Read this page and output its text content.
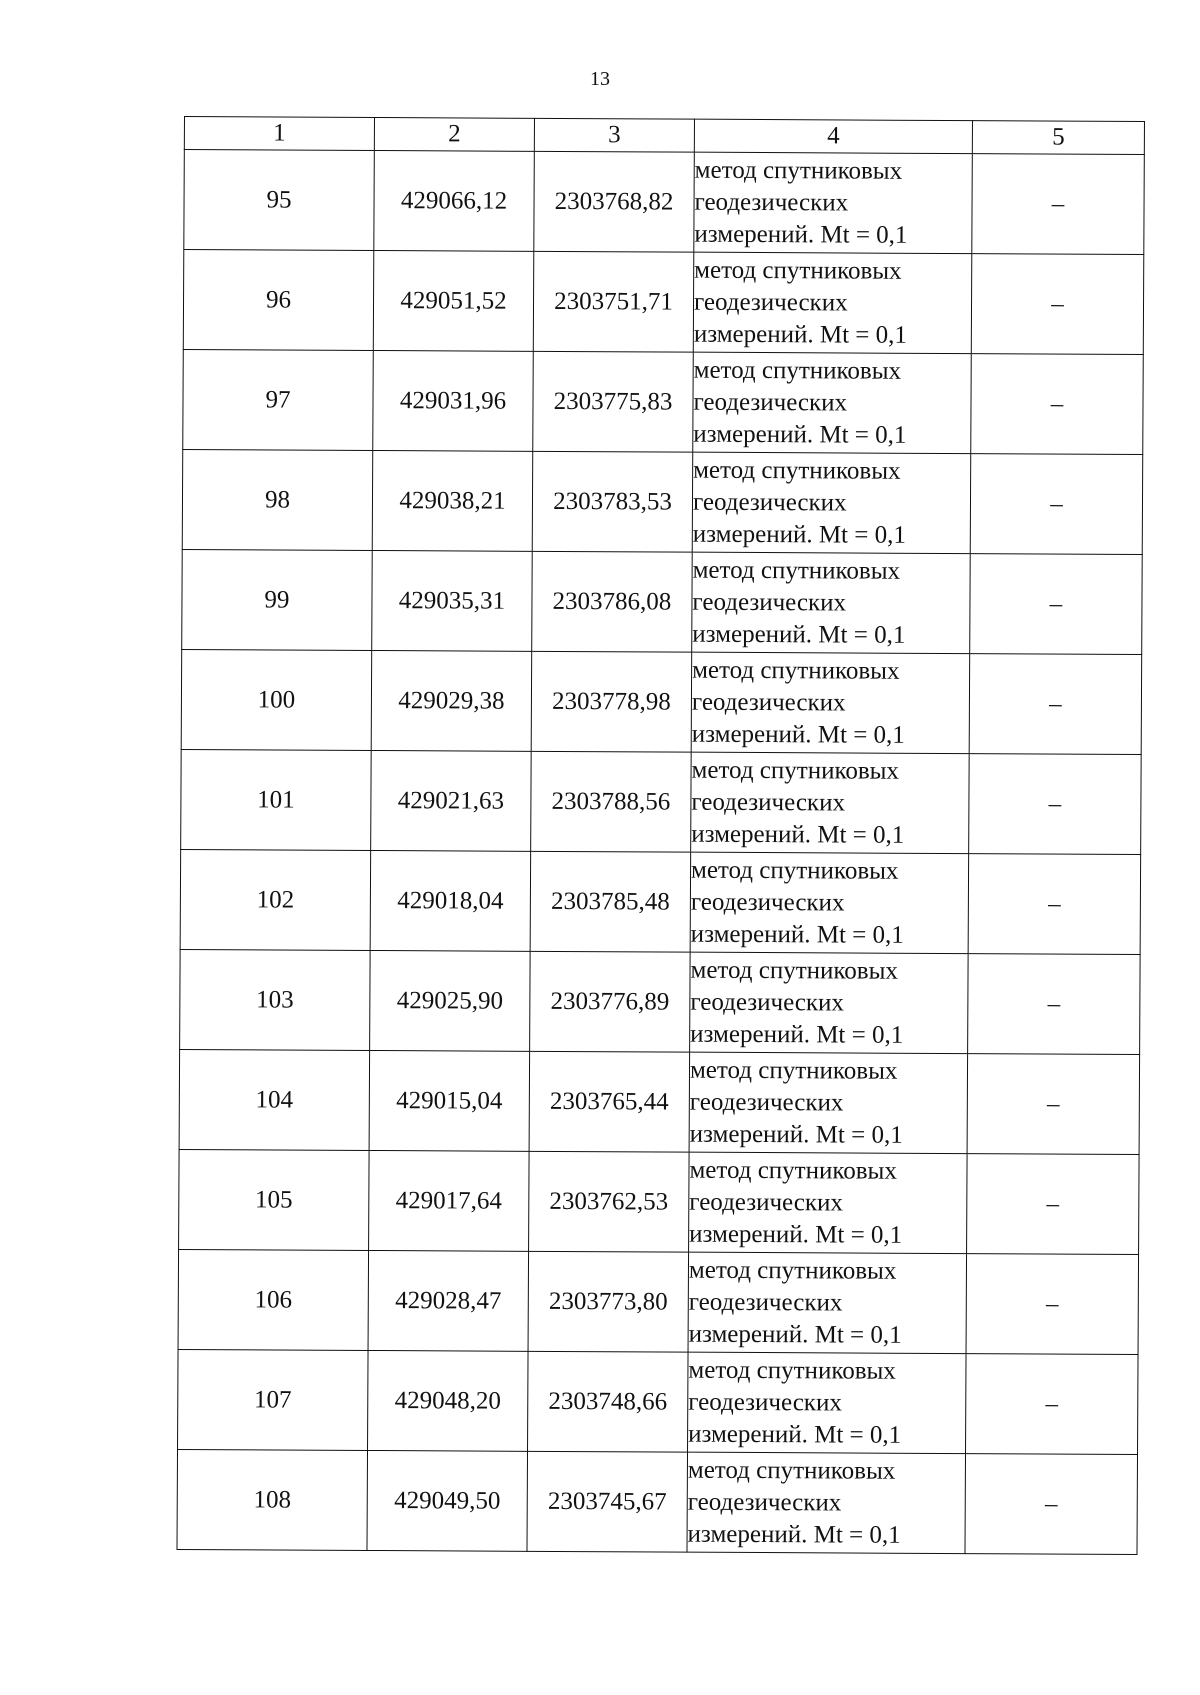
13
1	2	3	4	5
95	429066,12	2303768,82	метод спутниковых
геодезических
измерений. Mt = 0,1	–
96	429051,52	2303751,71	метод спутниковых
геодезических
измерений. Mt = 0,1	–
97	429031,96	2303775,83	метод спутниковых
геодезических
измерений. Mt = 0,1	–
98	429038,21	2303783,53	метод спутниковых
геодезических
измерений. Mt = 0,1	–
99	429035,31	2303786,08	метод спутниковых
геодезических
измерений. Mt = 0,1	–
100	429029,38	2303778,98	метод спутниковых
геодезических
измерений. Mt = 0,1	–
101	429021,63	2303788,56	метод спутниковых
геодезических
измерений. Mt = 0,1	–
102	429018,04	2303785,48	метод спутниковых
геодезических
измерений. Mt = 0,1	–
103	429025,90	2303776,89	метод спутниковых
геодезических
измерений. Mt = 0,1	–
104	429015,04	2303765,44	метод спутниковых
геодезических
измерений. Mt = 0,1	–
105	429017,64	2303762,53	метод спутниковых
геодезических
измерений. Mt = 0,1	–
106	429028,47	2303773,80	метод спутниковых
геодезических
измерений. Mt = 0,1	–
107	429048,20	2303748,66	метод спутниковых
геодезических
измерений. Mt = 0,1	–
108	429049,50	2303745,67	метод спутниковых
геодезических
измерений. Mt = 0,1	–
